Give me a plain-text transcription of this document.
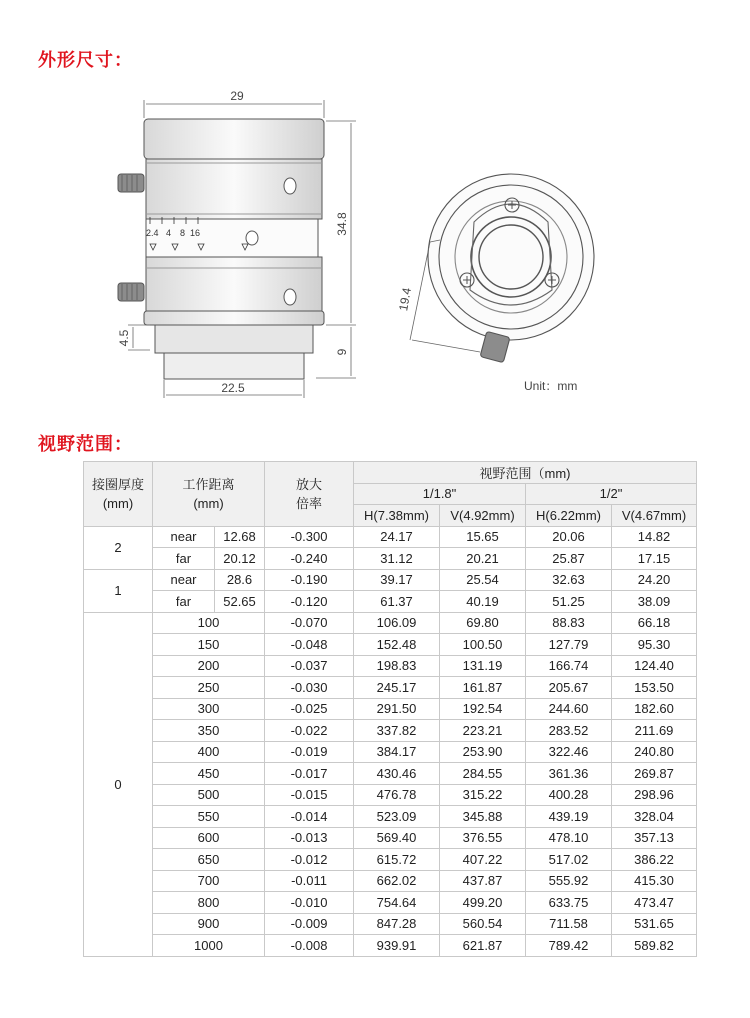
外形尺寸：
29
2.4 4 8 16	34.8
9
4.5
22.5
19.4
Unit：mm
视野范围：
接圈厚度
(mm)	工作距离
(mm)		放大
倍率	视野范围（mm)			
				1/1.8"		1/2"	
				H(7.38mm)	V(4.92mm)	H(6.22mm)	V(4.67mm)
2	near	12.68	-0.300	24.17	15.65	20.06	14.82
	far	20.12	-0.240	31.12	20.21	25.87	17.15
1	near	28.6	-0.190	39.17	25.54	32.63	24.20
	far	52.65	-0.120	61.37	40.19	51.25	38.09
0	100		-0.070	106.09	69.80	88.83	66.18
	150		-0.048	152.48	100.50	127.79	95.30
	200		-0.037	198.83	131.19	166.74	124.40
	250		-0.030	245.17	161.87	205.67	153.50
	300		-0.025	291.50	192.54	244.60	182.60
	350		-0.022	337.82	223.21	283.52	211.69
	400		-0.019	384.17	253.90	322.46	240.80
	450		-0.017	430.46	284.55	361.36	269.87
	500		-0.015	476.78	315.22	400.28	298.96
	550		-0.014	523.09	345.88	439.19	328.04
	600		-0.013	569.40	376.55	478.10	357.13
	650		-0.012	615.72	407.22	517.02	386.22
	700		-0.011	662.02	437.87	555.92	415.30
	800		-0.010	754.64	499.20	633.75	473.47
	900		-0.009	847.28	560.54	711.58	531.65
	1000		-0.008	939.91	621.87	789.42	589.82
